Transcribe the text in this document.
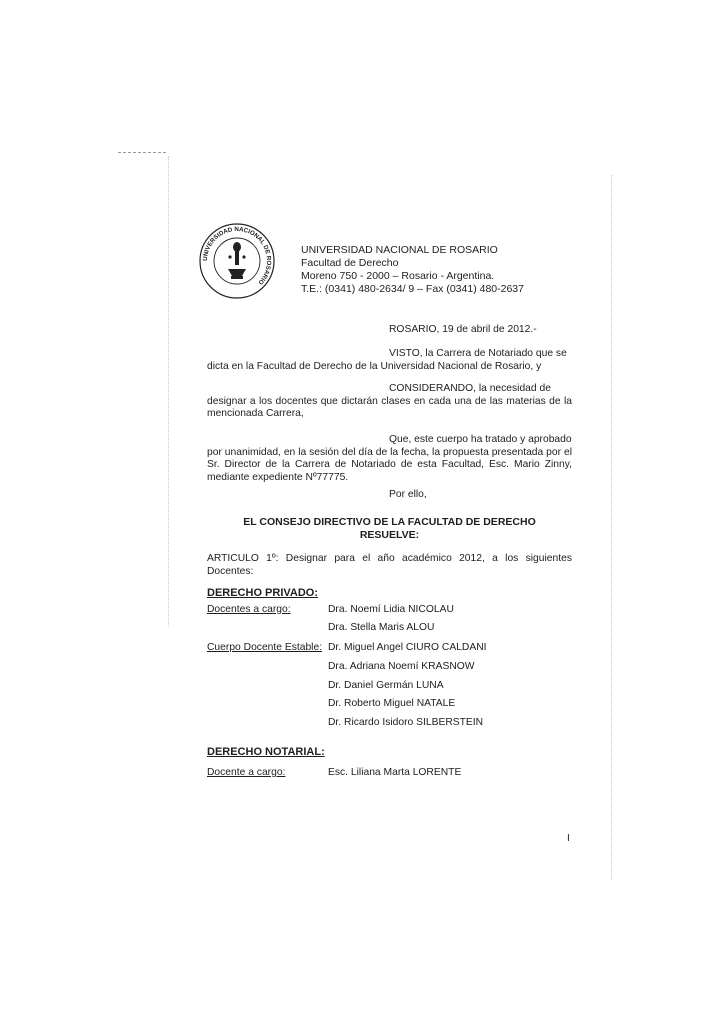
UNIVERSIDAD NACIONAL DE ROSARIO
UNIVERSIDAD NACIONAL DE ROSARIO
Facultad de Derecho
Moreno 750 - 2000 – Rosario - Argentina.
T.E.: (0341) 480-2634/ 9 – Fax (0341) 480-2637
ROSARIO, 19 de abril de 2012.-
VISTO, la Carrera de Notariado que se
dicta en la Facultad de Derecho de la Universidad Nacional de Rosario, y
CONSIDERANDO, la necesidad de
designar a los docentes que dictarán clases en cada una de las materias de la mencionada Carrera,
Que, este cuerpo ha tratado y aprobado
por unanimidad, en la sesión del día de la fecha, la propuesta presentada por el Sr. Director de la Carrera de Notariado de esta Facultad, Esc. Mario Zinny, mediante expediente Nº77775.
Por ello,
EL CONSEJO DIRECTIVO DE LA FACULTAD DE DERECHO
RESUELVE:
ARTICULO 1º: Designar para el año académico 2012, a los siguientes Docentes:
DERECHO PRIVADO:
Docentes a cargo:	Dra. Noemí Lidia NICOLAU
Dra. Stella Maris ALOU
Cuerpo Docente Estable: Dr. Miguel Angel CIURO CALDANI
Dra. Adriana Noemí KRASNOW
Dr. Daniel Germán LUNA
Dr. Roberto Miguel NATALE
Dr. Ricardo Isidoro SILBERSTEIN
DERECHO NOTARIAL:
Docente a cargo:	Esc. Liliana Marta LORENTE
I
